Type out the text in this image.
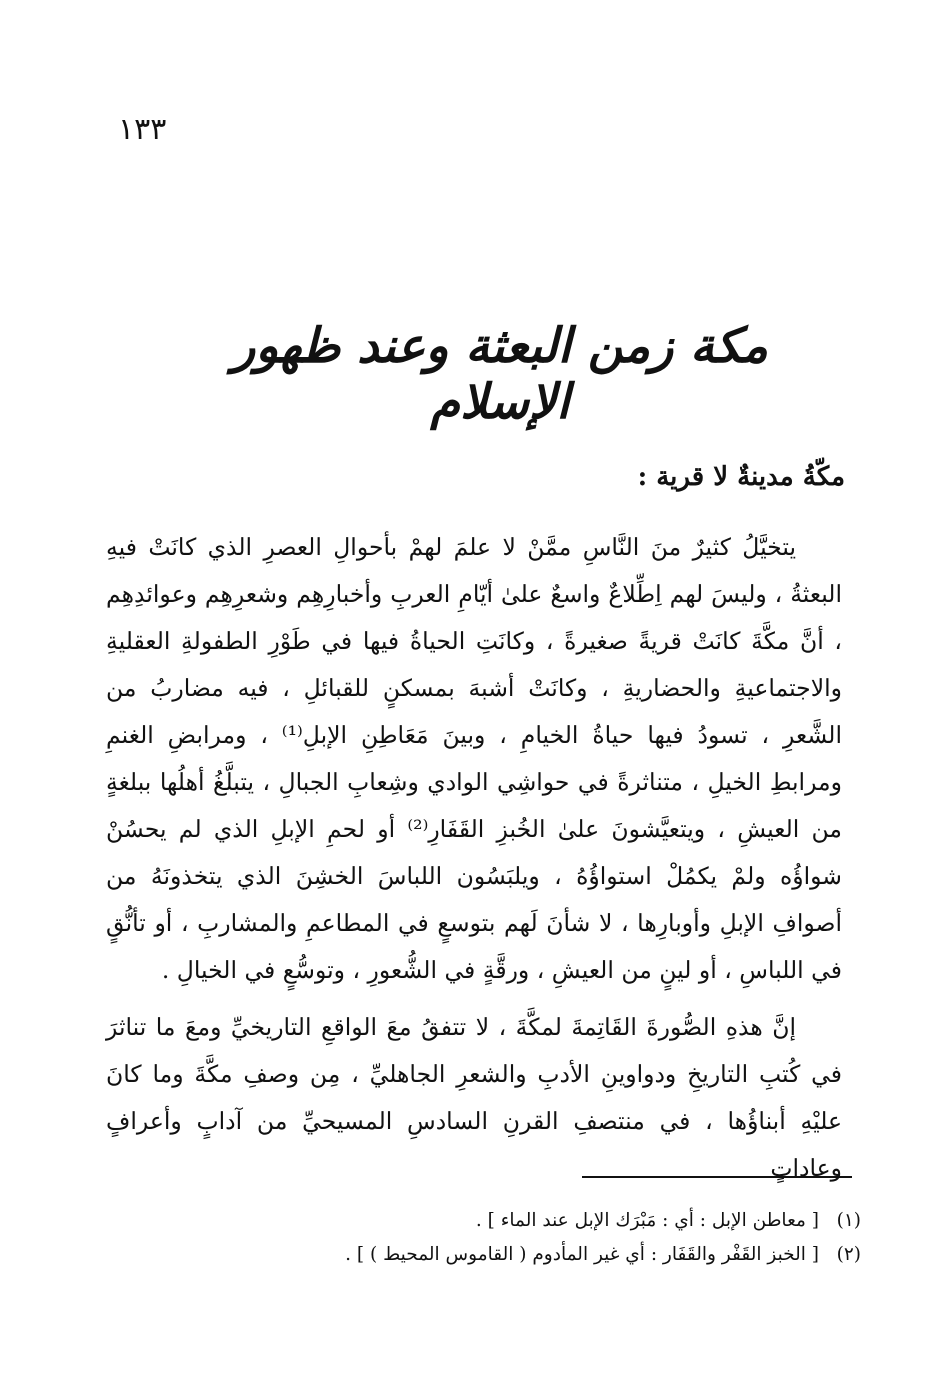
١٣٣
مكة زمن البعثة وعند ظهور الإسلام
مكّةُ مدينةٌ لا قرية :

يتخيَّلُ كثيرٌ منَ النَّاسِ ممَّنْ لا علمَ لهمْ بأحوالِ العصرِ الذي كانَتْ فيهِ البعثةُ ، وليسَ لهم اِطِّلاعٌ واسعٌ علىٰ أيّامِ العربِ وأخبارِهِم وشعرِهِم وعوائدِهِم ، أنَّ مكَّةَ كانَتْ قريةً صغيرةً ، وكانَتِ الحياةُ فيها في طَوْرِ الطفولةِ العقليةِ والاجتماعيةِ والحضاريةِ ، وكانَتْ أشبهَ بمسكنٍ للقبائلِ ، فيه مضاربُ من الشَّعرِ ، تسودُ فيها حياةُ الخيامِ ، وبينَ مَعَاطِنِ الإبلِ⁽¹⁾ ، ومرابضِ الغنمِ ومرابطِ الخيلِ ، متناثرةً في حواشِي الوادي وشِعابِ الجبالِ ، يتبلَّغُ أهلُها ببلغةٍ من العيشِ ، ويتعيَّشونَ علىٰ الخُبزِ القَفَارِ⁽²⁾ أو لحمِ الإبلِ الذي لم يحسُنْ شواؤُه ولمْ يكمُلْ استواؤُهُ ، ويلبَسُون اللباسَ الخشِنَ الذي يتخذونَهُ من أصوافِ الإبلِ وأوبارِها ، لا شأنَ لَهم بتوسعٍ في المطاعمِ والمشاربِ ، أو تأنُّقٍ في اللباسِ ، أو لينٍ من العيشِ ، ورقَّةٍ في الشُّعورِ ، وتوسُّعٍ في الخيالِ .

إنَّ هذهِ الصُّورةَ القَاتِمةَ لمكَّةَ ، لا تتفقُ معَ الواقعِ التاريخيِّ ومعَ ما تناثرَ في كُتبِ التاريخِ ودواوينِ الأدبِ والشعرِ الجاهليِّ ، مِن وصفِ مكَّةَ وما كانَ عليْهِ أبناؤُها ، في منتصفِ القرنِ السادسِ المسيحيِّ من آدابٍ وأعرافٍ وعاداتٍ

(١)[ معاطن الإبل : أي : مَبْرَك الإبل عند الماء ] .
(٢)[ الخبز القَفْر والقَفَار : أي غير المأدوم ( القاموس المحيط ) ] .
